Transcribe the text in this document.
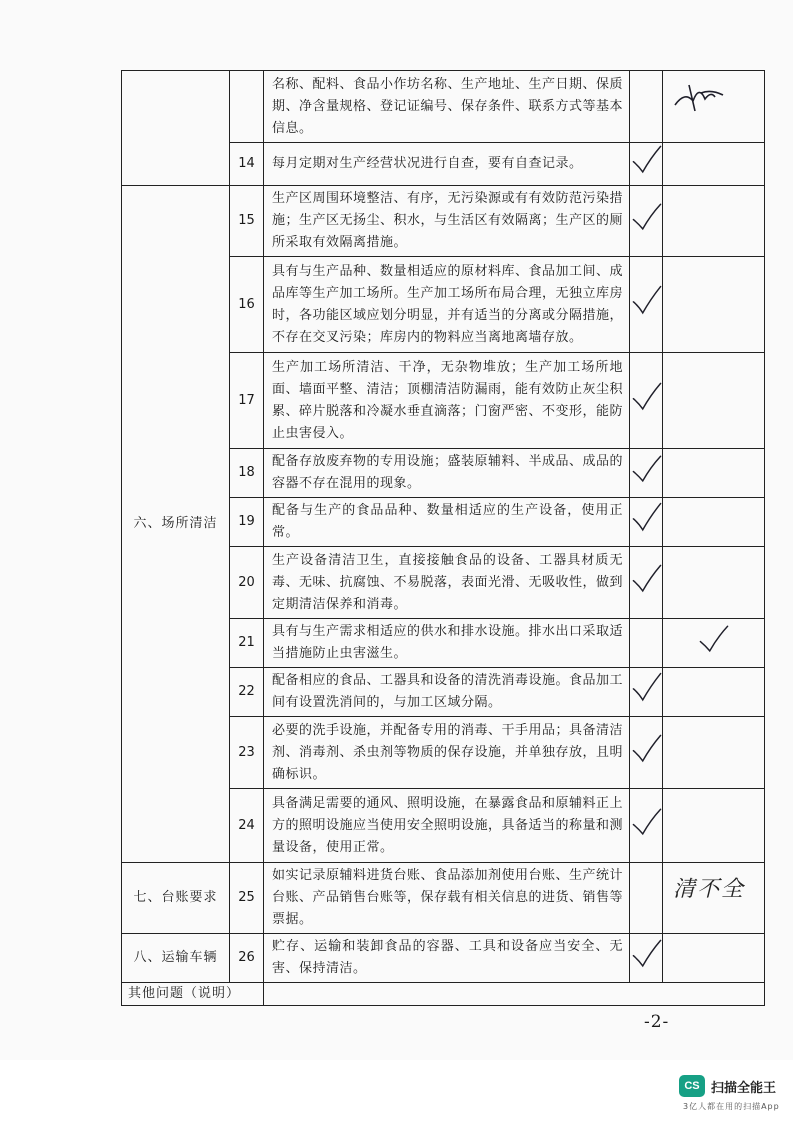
		名称、配料、食品小作坊名称、生产地址、生产日期、保质期、净含量规格、登记证编号、保存条件、联系方式等基本信息。		

	14	每月定期对生产经营状况进行自查，要有自查记录。		
六、场所清洁	15	生产区周围环境整洁、有序，无污染源或有有效防范污染措施；生产区无扬尘、积水，与生活区有效隔离；生产区的厕所采取有效隔离措施。		
	16	具有与生产品种、数量相适应的原材料库、食品加工间、成品库等生产加工场所。生产加工场所布局合理，无独立库房时，各功能区域应划分明显，并有适当的分离或分隔措施，不存在交叉污染；库房内的物料应当离地离墙存放。		
	17	生产加工场所清洁、干净，无杂物堆放；生产加工场所地面、墙面平整、清洁；顶棚清洁防漏雨，能有效防止灰尘积累、碎片脱落和冷凝水垂直滴落；门窗严密、不变形，能防止虫害侵入。		
	18	配备存放废弃物的专用设施；盛装原辅料、半成品、成品的容器不存在混用的现象。		
	19	配备与生产的食品品种、数量相适应的生产设备，使用正常。		
	20	生产设备清洁卫生，直接接触食品的设备、工器具材质无毒、无味、抗腐蚀、不易脱落，表面光滑、无吸收性，做到定期清洁保养和消毒。		
	21	具有与生产需求相适应的供水和排水设施。排水出口采取适当措施防止虫害滋生。		
	22	配备相应的食品、工器具和设备的清洗消毒设施。食品加工间有设置洗消间的，与加工区域分隔。		
	23	必要的洗手设施，并配备专用的消毒、干手用品；具备清洁剂、消毒剂、杀虫剂等物质的保存设施，并单独存放，且明确标识。		
	24	具备满足需要的通风、照明设施，在暴露食品和原辅料正上方的照明设施应当使用安全照明设施，具备适当的称量和测量设备，使用正常。		
七、台账要求	25	如实记录原辅料进货台账、食品添加剂使用台账、生产统计台账、产品销售台账等，保存载有相关信息的进货、销售等票据。		清不全

八、运输车辆	26	贮存、运输和装卸食品的容器、工具和设备应当安全、无害、保持清洁。		
其他问题（说明）				
-2-
CS 扫描全能王
3亿人都在用的扫描App
